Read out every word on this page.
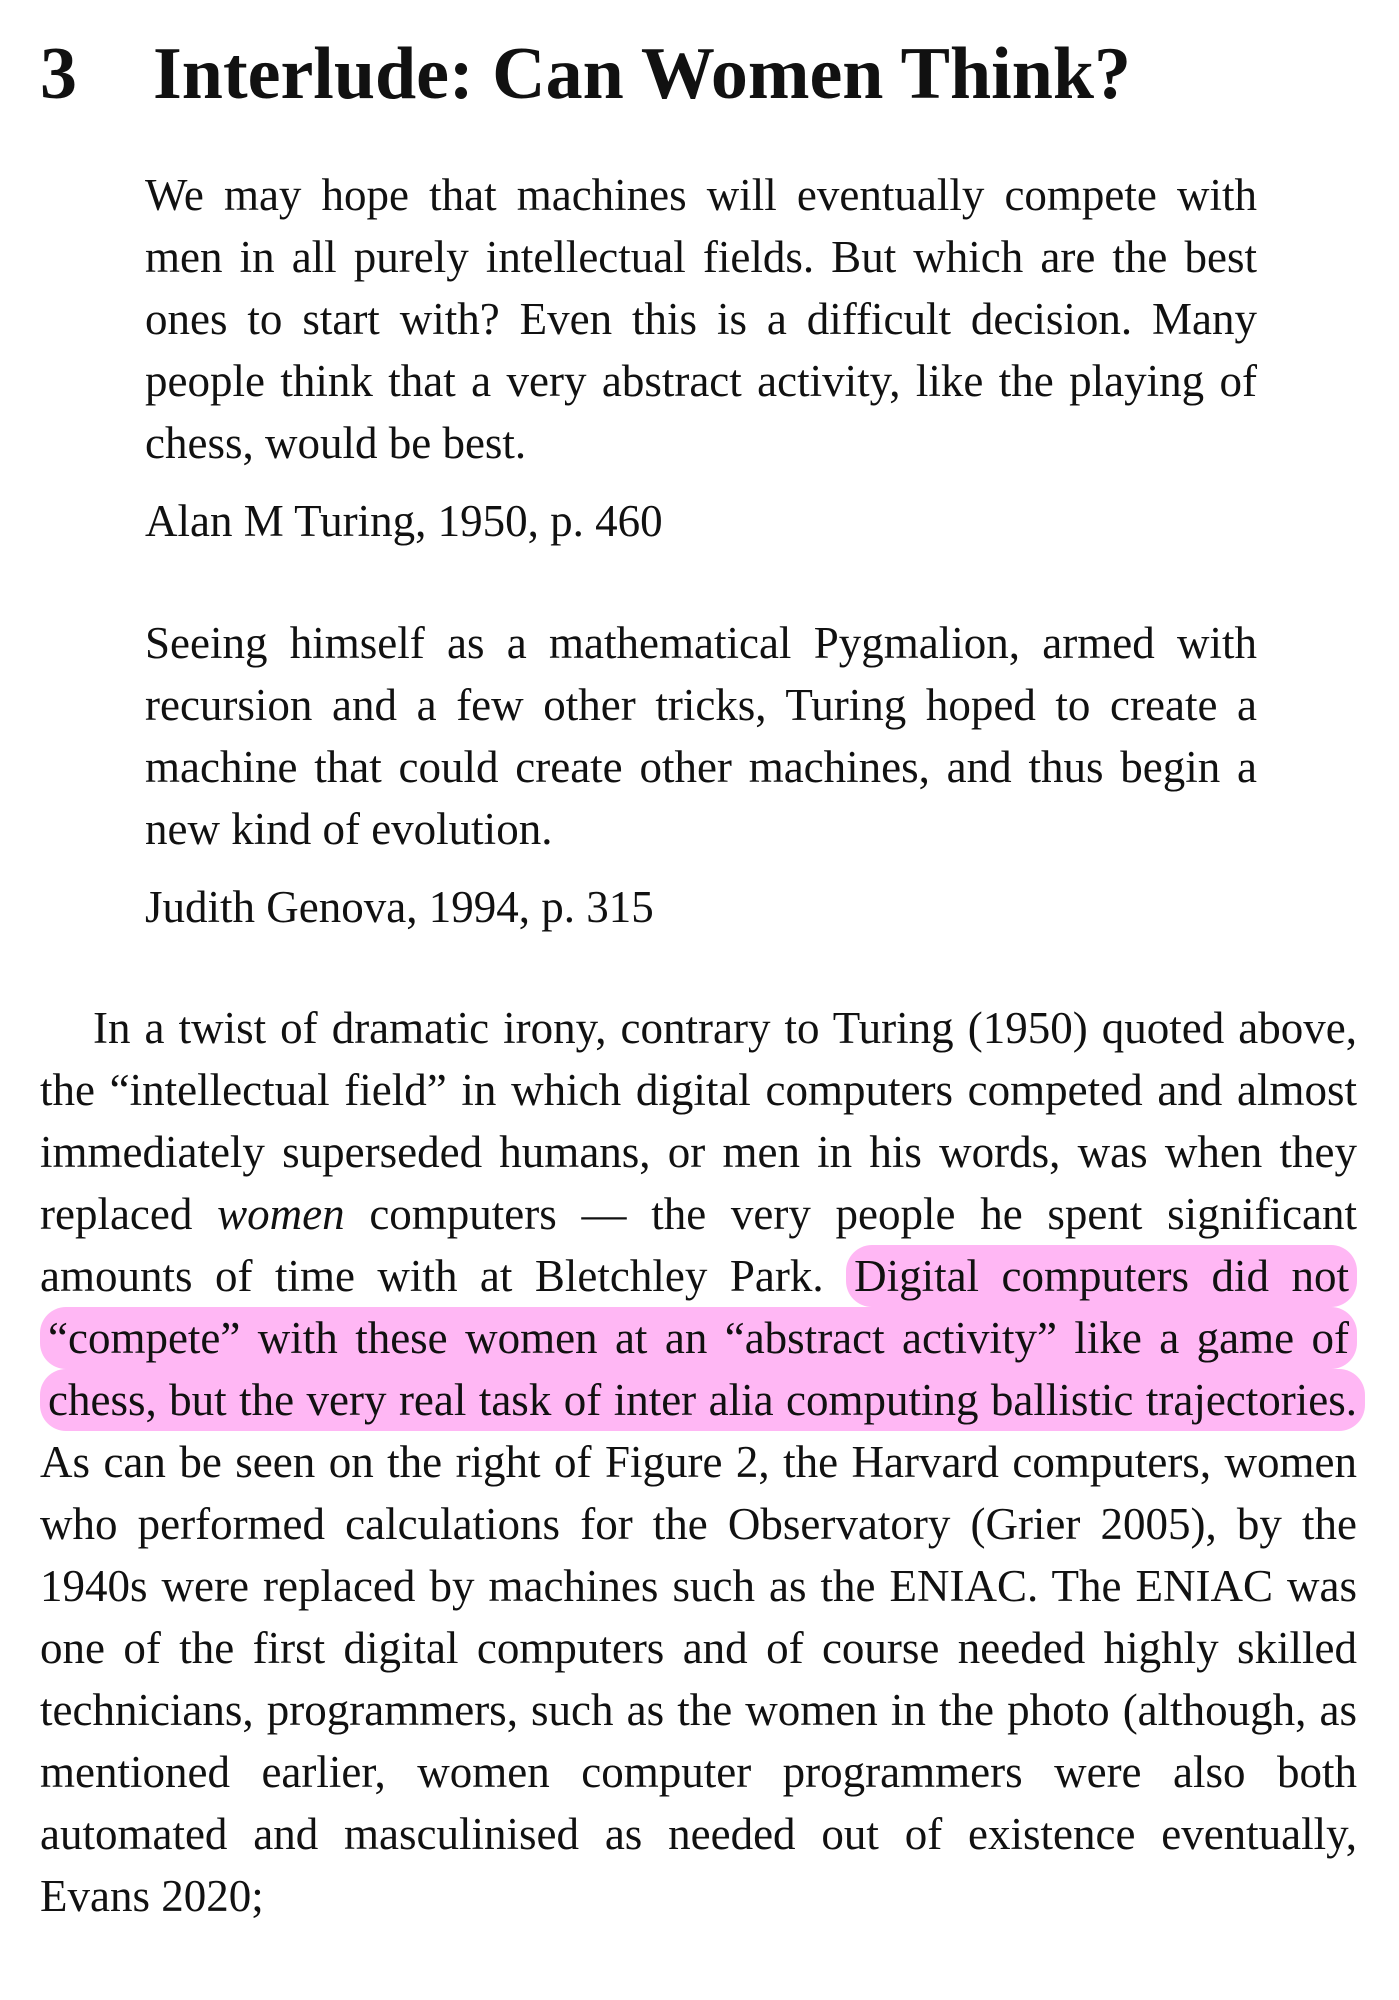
3 Interlude: Can Women Think?

We may hope that machines will eventually compete with men in all purely intellectual fields. But which are the best ones to start with? Even this is a difficult decision. Many people think that a very abstract activity, like the playing of chess, would be best.

Alan M Turing, 1950, p. 460

Seeing himself as a mathematical Pygmalion, armed with recursion and a few other tricks, Turing hoped to create a machine that could create other machines, and thus begin a new kind of evolution.

Judith Genova, 1994, p. 315

In a twist of dramatic irony, contrary to Turing (1950) quoted above, the “intellectual field” in which digital computers competed and almost immediately superseded humans, or men in his words, was when they replaced women computers — the very people he spent significant amounts of time with at Bletchley Park. Digital computers did not “compete” with these women at an “abstract activity” like a game of chess, but the very real task of inter alia computing ballistic trajectories. As can be seen on the right of Figure 2, the Harvard computers, women who performed calculations for the Observatory (Grier 2005), by the 1940s were replaced by machines such as the ENIAC. The ENIAC was one of the first digital computers and of course needed highly skilled technicians, programmers, such as the women in the photo (although, as mentioned earlier, women computer programmers were also both automated and masculinised as needed out of existence eventually, Evans 2020;
